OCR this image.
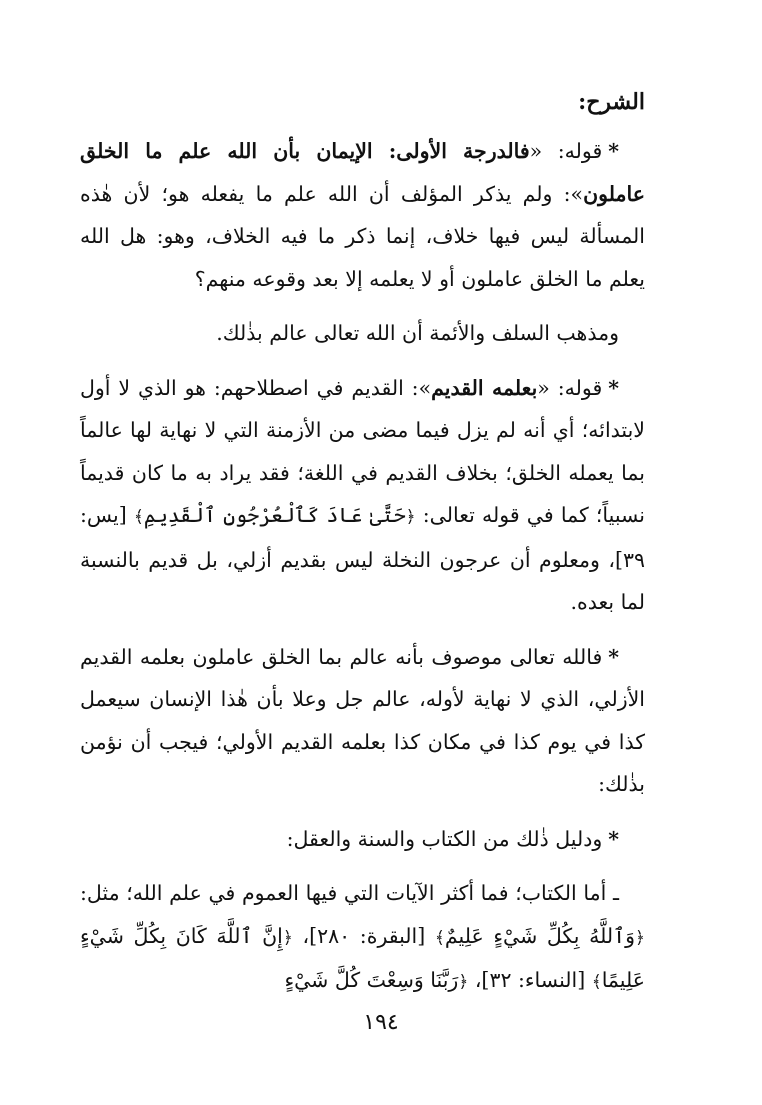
الشرح:

*قوله: «فالدرجة الأولى: الإيمان بأن الله علم ما الخلق عاملون»: ولم يذكر المؤلف أن الله علم ما يفعله هو؛ لأن هٰذه المسألة ليس فيها خلاف، إنما ذكر ما فيه الخلاف، وهو: هل الله يعلم ما الخلق عاملون أو لا يعلمه إلا بعد وقوعه منهم؟

ومذهب السلف والأئمة أن الله تعالى عالم بذٰلك.

*قوله: «بعلمه القديم»: القديم في اصطلاحهم: هو الذي لا أول لابتدائه؛ أي أنه لم يزل فيما مضى من الأزمنة التي لا نهاية لها عالماً بما يعمله الخلق؛ بخلاف القديم في اللغة؛ فقد يراد به ما كان قديماً نسبياً؛ كما في قوله تعالى: ﴿حَتَّىٰ عَادَ كَٱلْعُرْجُونِ ٱلْقَدِيمِ﴾ [يس: ٣٩]، ومعلوم أن عرجون النخلة ليس بقديم أزلي، بل قديم بالنسبة لما بعده.

*فالله تعالى موصوف بأنه عالم بما الخلق عاملون بعلمه القديم الأزلي، الذي لا نهاية لأوله، عالم جل وعلا بأن هٰذا الإنسان سيعمل كذا في يوم كذا في مكان كذا بعلمه القديم الأولي؛ فيجب أن نؤمن بذٰلك:

*ودليل ذٰلك من الكتاب والسنة والعقل:

ـ أما الكتاب؛ فما أكثر الآيات التي فيها العموم في علم الله؛ مثل: ﴿وَٱللَّهُ بِكُلِّ شَيْءٍ عَلِيمٌ﴾ [البقرة: ٢٨٠]، ﴿إِنَّ ٱللَّهَ كَانَ بِكُلِّ شَيْءٍ عَلِيمًا﴾ [النساء: ٣٢]، ﴿رَبَّنَا وَسِعْتَ كُلَّ شَيْءٍ

١٩٤
